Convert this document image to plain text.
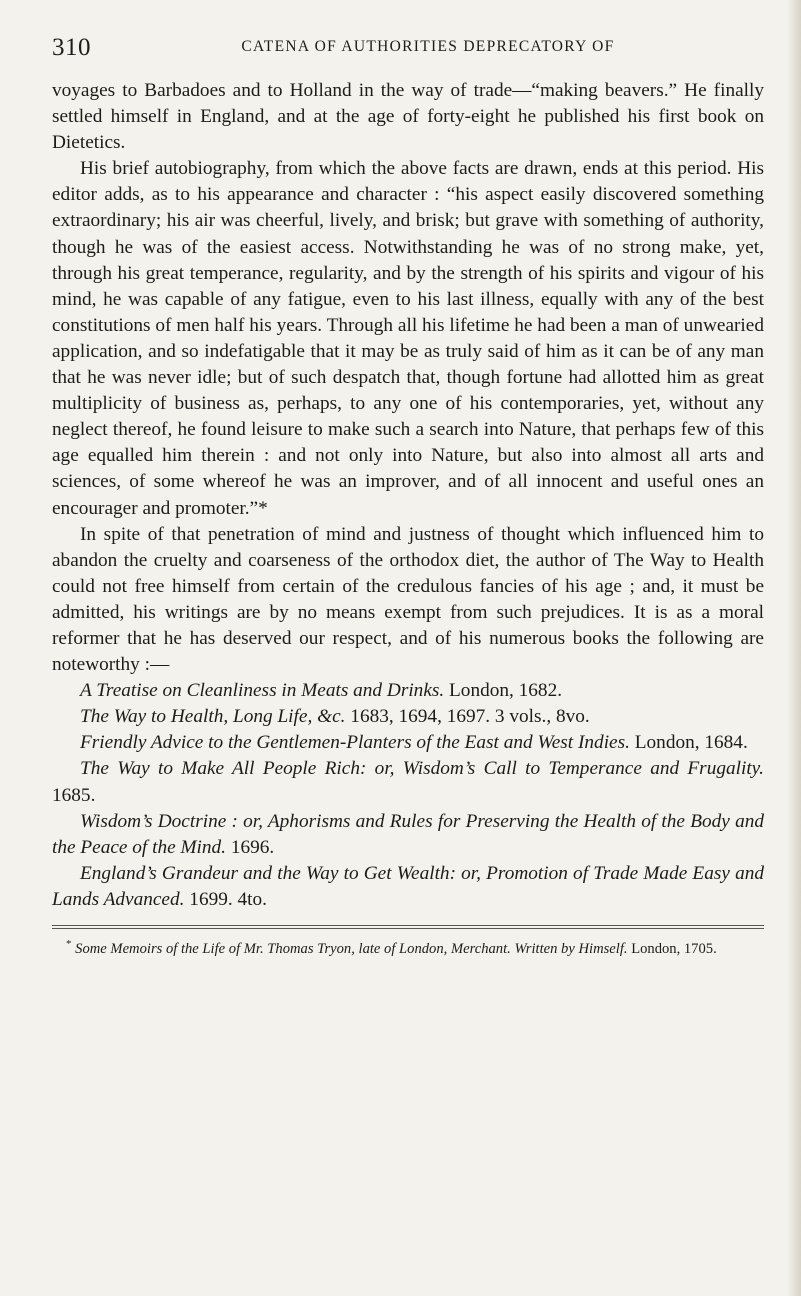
310	CATENA OF AUTHORITIES DEPRECATORY OF

voyages to Barbadoes and to Holland in the way of trade—“making beavers.” He finally settled himself in England, and at the age of forty-eight he published his first book on Dietetics.

His brief autobiography, from which the above facts are drawn, ends at this period. His editor adds, as to his appearance and character : “his aspect easily discovered something extraordinary; his air was cheerful, lively, and brisk; but grave with something of authority, though he was of the easiest access. Notwithstanding he was of no strong make, yet, through his great temperance, regularity, and by the strength of his spirits and vigour of his mind, he was capable of any fatigue, even to his last illness, equally with any of the best constitutions of men half his years. Through all his lifetime he had been a man of unwearied application, and so indefatigable that it may be as truly said of him as it can be of any man that he was never idle; but of such despatch that, though fortune had allotted him as great multiplicity of business as, perhaps, to any one of his contemporaries, yet, without any neglect thereof, he found leisure to make such a search into Nature, that perhaps few of this age equalled him therein : and not only into Nature, but also into almost all arts and sciences, of some whereof he was an improver, and of all innocent and useful ones an encourager and promoter.”*

In spite of that penetration of mind and justness of thought which influenced him to abandon the cruelty and coarseness of the orthodox diet, the author of The Way to Health could not free himself from certain of the credulous fancies of his age ; and, it must be admitted, his writings are by no means exempt from such prejudices. It is as a moral reformer that he has deserved our respect, and of his numerous books the following are noteworthy :—

A Treatise on Cleanliness in Meats and Drinks. London, 1682.

The Way to Health, Long Life, &c. 1683, 1694, 1697. 3 vols., 8vo.

Friendly Advice to the Gentlemen-Planters of the East and West Indies. London, 1684.

The Way to Make All People Rich: or, Wisdom’s Call to Temperance and Frugality. 1685.

Wisdom’s Doctrine : or, Aphorisms and Rules for Preserving the Health of the Body and the Peace of the Mind. 1696.

England’s Grandeur and the Way to Get Wealth: or, Promotion of Trade Made Easy and Lands Advanced. 1699. 4to.

* Some Memoirs of the Life of Mr. Thomas Tryon, late of London, Merchant. Written by Himself. London, 1705.
